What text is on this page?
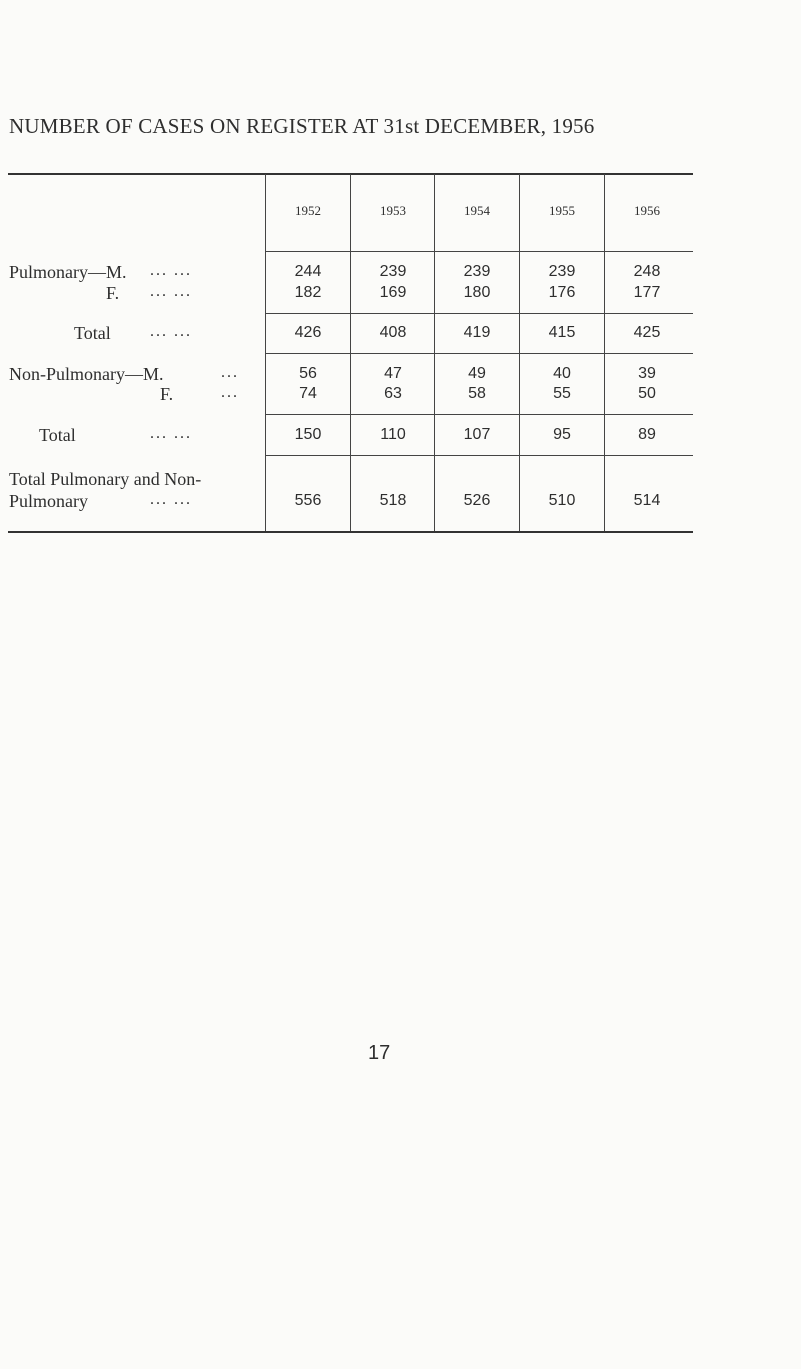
NUMBER OF CASES ON REGISTER AT 31st DECEMBER, 1956
1952	1953	1954	1955	1956
Pulmonary—M. ... ...	244	239	239	239	248
F. ... ...	182	169	180	176	177
Total ... ...	426	408	419	415	425
Non-Pulmonary—M.	...	56	47	49	40	39
F.	...	74	63	58	55	50
Total	... ...	150	110	107	95	89
Total Pulmonary and Non-
Pulmonary	... ...	556	518	526	510	514
17
